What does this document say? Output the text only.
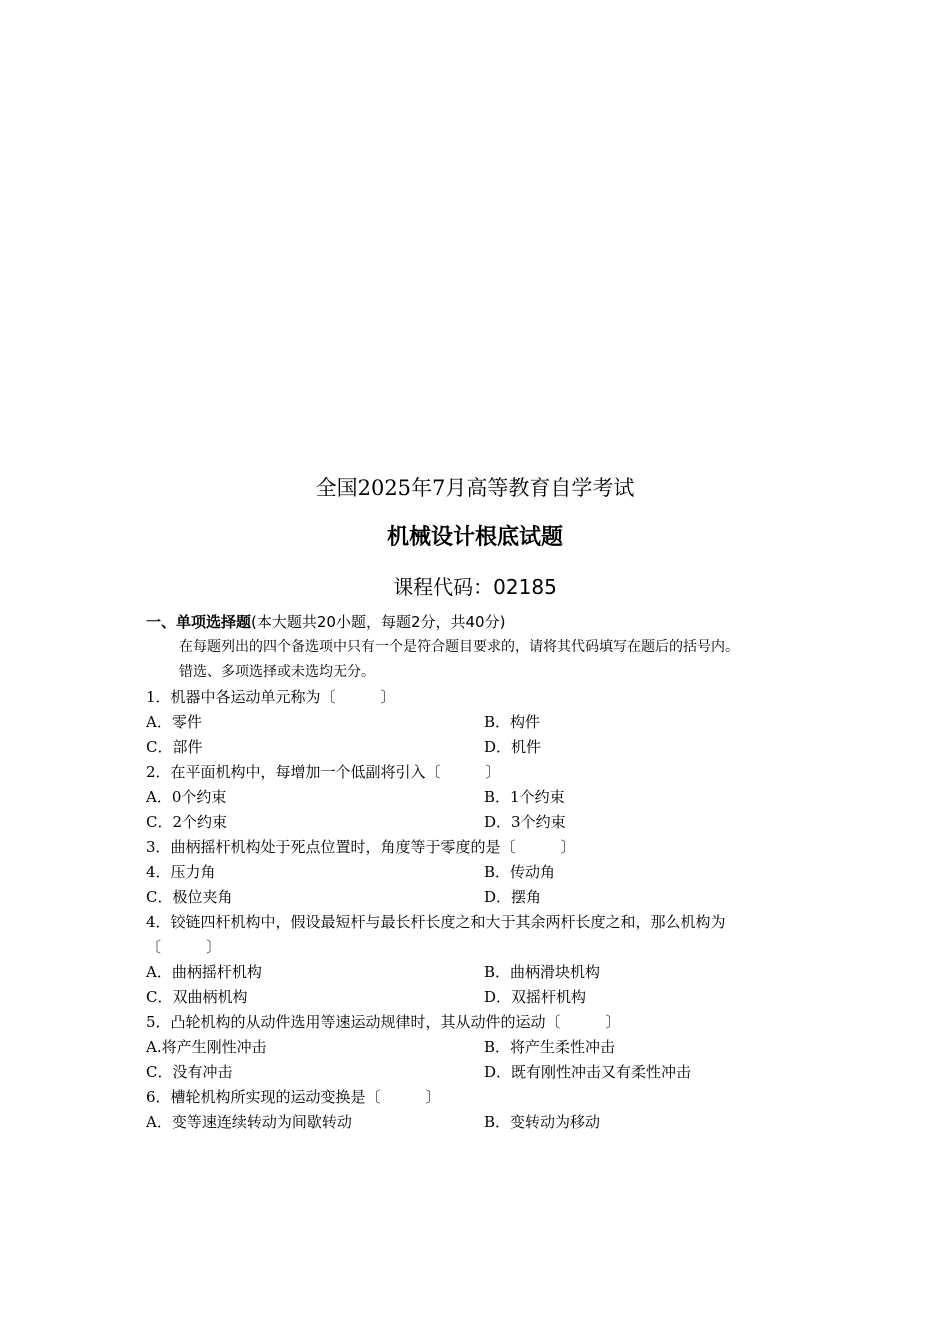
全国2025年7月高等教育自学考试
机械设计根底试题
课程代码：02185
一、单项选择题(本大题共20小题，每题2分，共40分)
在每题列出的四个备选项中只有一个是符合题目要求的，请将其代码填写在题后的括号内。
错选、多项选择或未选均无分。
1．机器中各运动单元称为〔　　　〕
A．零件	B．构件
C．部件	D．机件
2．在平面机构中，每增加一个低副将引入〔　　　〕
A．0个约束	B．1个约束
C．2个约束	D．3个约束
3．曲柄摇杆机构处于死点位置时，角度等于零度的是〔　　　〕
4．压力角	B．传动角
C．极位夹角	D．摆角
4．铰链四杆机构中，假设最短杆与最长杆长度之和大于其余两杆长度之和，那么机构为〔　　　〕
A．曲柄摇杆机构	B．曲柄滑块机构
C．双曲柄机构	D．双摇杆机构
5．凸轮机构的从动件选用等速运动规律时，其从动件的运动〔　　　〕
A.将产生刚性冲击	B．将产生柔性冲击
C．没有冲击	D．既有刚性冲击又有柔性冲击
6．槽轮机构所实现的运动变换是〔　　　〕
A．变等速连续转动为间歇转动	B．变转动为移动
